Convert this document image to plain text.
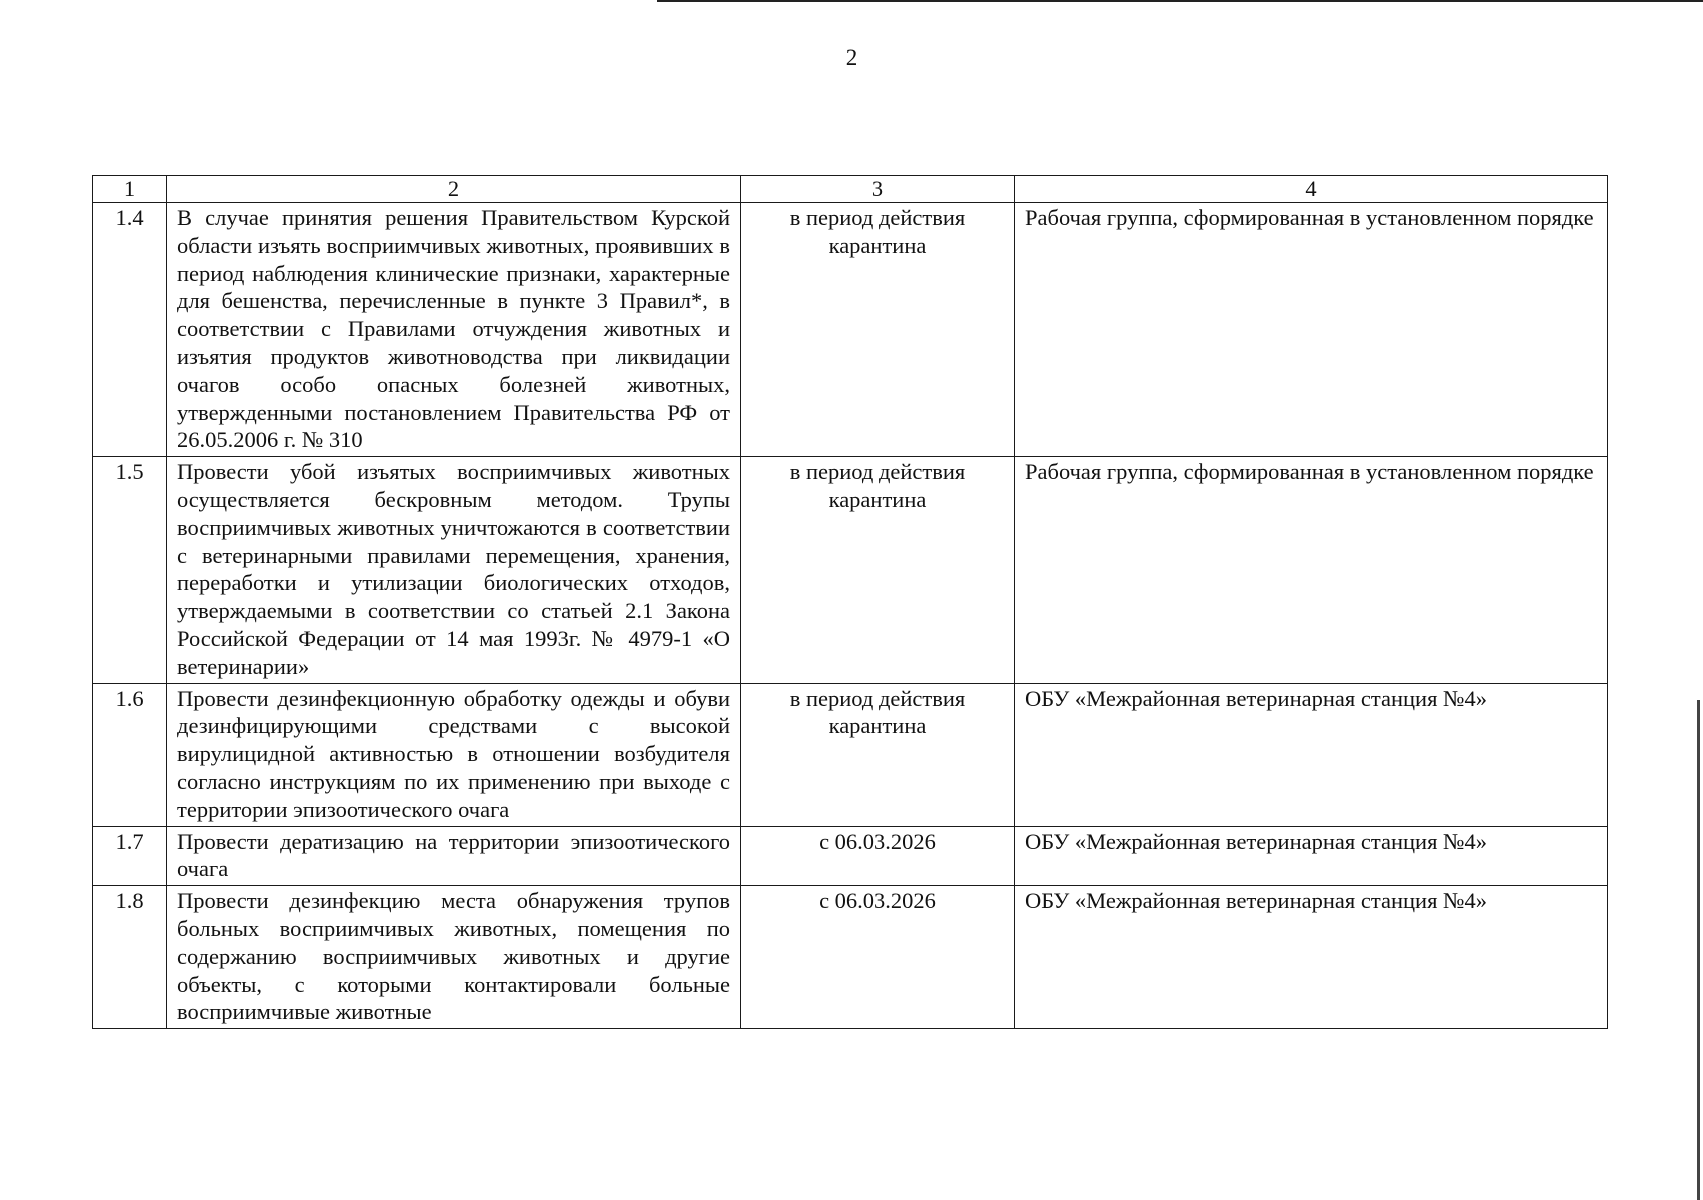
2
1	2	3	4
1.4	В случае принятия решения Правительством Курской области изъять восприимчивых животных, проявивших в период наблюдения клинические признаки, характерные для бешенства, перечисленные в пункте 3 Правил*, в соответствии с Правилами отчуждения животных и изъятия продуктов животноводства при ликвидации очагов особо опасных болезней животных, утвержденными постановлением Правительства РФ от 26.05.2006 г. № 310	в период действия карантина	Рабочая группа, сформированная в установленном порядке
1.5	Провести убой изъятых восприимчивых животных осуществляется бескровным методом. Трупы восприимчивых животных уничтожаются в соответствии с ветеринарными правилами перемещения, хранения, переработки и утилизации биологических отходов, утверждаемыми в соответствии со статьей 2.1 Закона Российской Федерации от 14 мая 1993г. № 4979-1 «О ветеринарии»	в период действия карантина	Рабочая группа, сформированная в установленном порядке
1.6	Провести дезинфекционную обработку одежды и обуви дезинфицирующими средствами с высокой вирулицидной активностью в отношении возбудителя согласно инструкциям по их применению при выходе с территории эпизоотического очага	в период действия карантина	ОБУ «Межрайонная ветеринарная станция №4»
1.7	Провести дератизацию на территории эпизоотического очага	с 06.03.2026	ОБУ «Межрайонная ветеринарная станция №4»
1.8	Провести дезинфекцию места обнаружения трупов больных восприимчивых животных, помещения по содержанию восприимчивых животных и другие объекты, с которыми контактировали больные восприимчивые животные	с 06.03.2026	ОБУ «Межрайонная ветеринарная станция №4»
